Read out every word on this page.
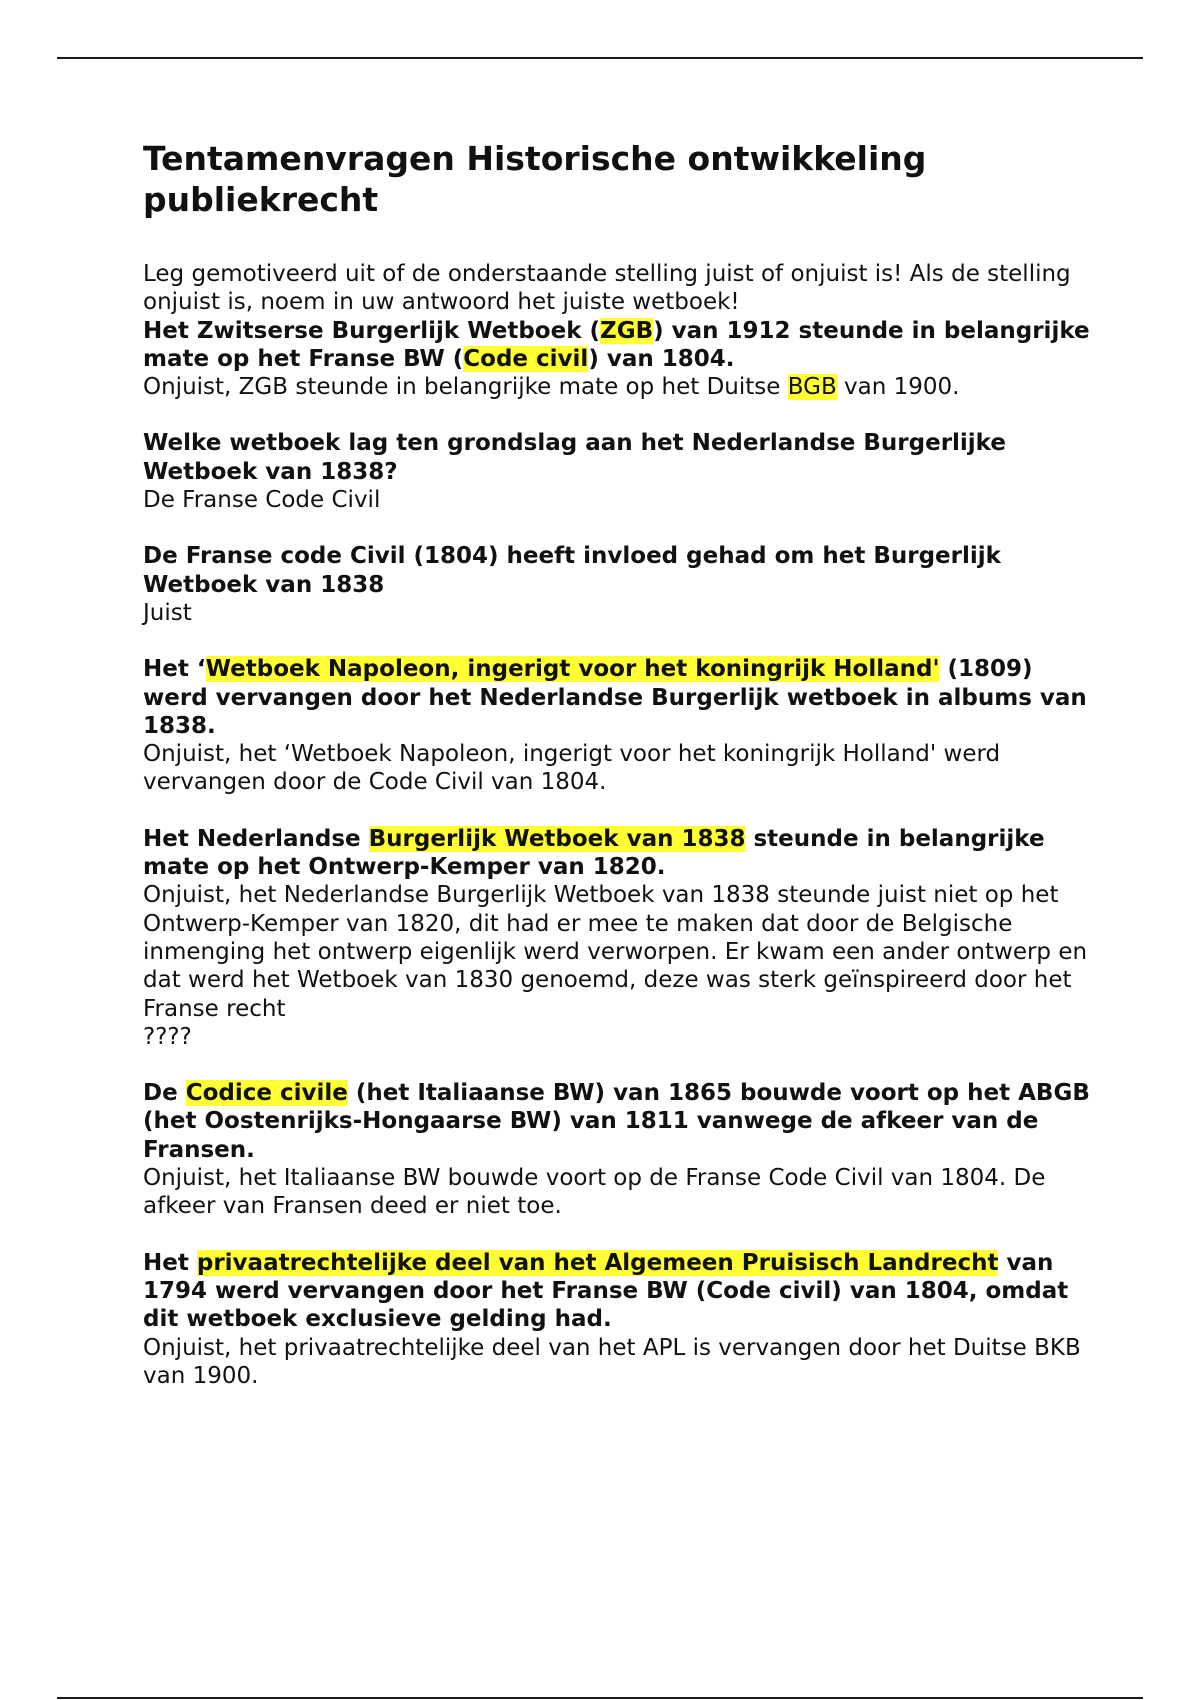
Tentamenvragen Historische ontwikkeling publiekrecht

Leg gemotiveerd uit of de onderstaande stelling juist of onjuist is! Als de stelling onjuist is, noem in uw antwoord het juiste wetboek!

Het Zwitserse Burgerlijk Wetboek (ZGB) van 1912 steunde in belangrijke mate op het Franse BW (Code civil) van 1804.
Onjuist, ZGB steunde in belangrijke mate op het Duitse BGB van 1900.
Welke wetboek lag ten grondslag aan het Nederlandse Burgerlijke Wetboek van 1838?
De Franse Code Civil
De Franse code Civil (1804) heeft invloed gehad om het Burgerlijk Wetboek van 1838
Juist
Het ‘Wetboek Napoleon, ingerigt voor het koningrijk Holland' (1809) werd vervangen door het Nederlandse Burgerlijk wetboek in albums van 1838.
Onjuist, het ‘Wetboek Napoleon, ingerigt voor het koningrijk Holland' werd vervangen door de Code Civil van 1804.
Het Nederlandse Burgerlijk Wetboek van 1838 steunde in belangrijke mate op het Ontwerp-Kemper van 1820.
Onjuist, het Nederlandse Burgerlijk Wetboek van 1838 steunde juist niet op het Ontwerp-Kemper van 1820, dit had er mee te maken dat door de Belgische inmenging het ontwerp eigenlijk werd verworpen. Er kwam een ander ontwerp en dat werd het Wetboek van 1830 genoemd, deze was sterk geïnspireerd door het Franse recht
????
De Codice civile (het Italiaanse BW) van 1865 bouwde voort op het ABGB (het Oostenrijks-Hongaarse BW) van 1811 vanwege de afkeer van de Fransen.
Onjuist, het Italiaanse BW bouwde voort op de Franse Code Civil van 1804. De afkeer van Fransen deed er niet toe.
Het privaatrechtelijke deel van het Algemeen Pruisisch Landrecht van 1794 werd vervangen door het Franse BW (Code civil) van 1804, omdat dit wetboek exclusieve gelding had.
Onjuist, het privaatrechtelijke deel van het APL is vervangen door het Duitse BKB van 1900.
